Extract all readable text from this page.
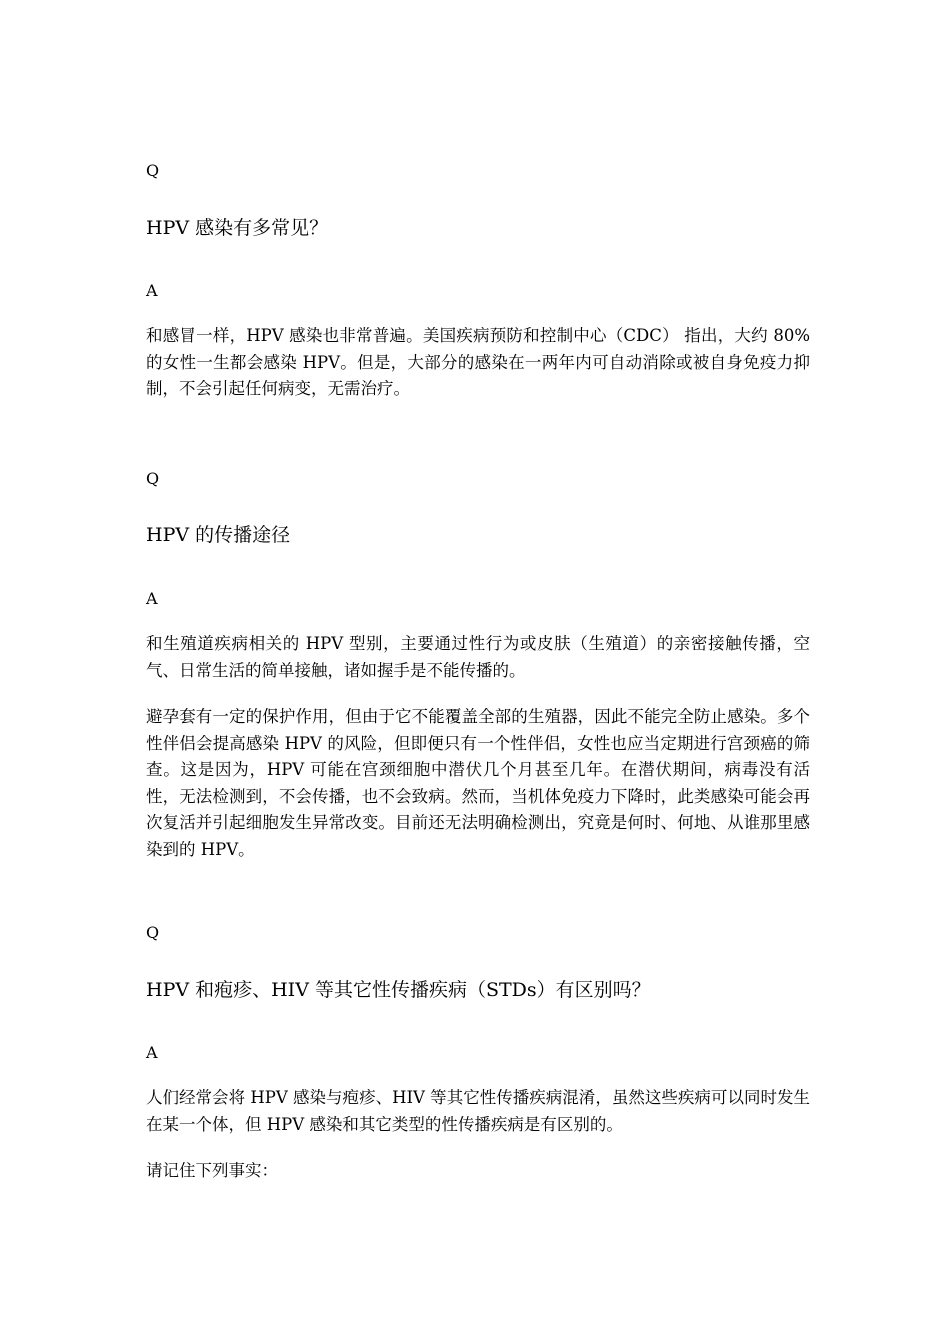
Q
HPV 感染有多常见？
A
和感冒一样，HPV 感染也非常普遍。美国疾病预防和控制中心（CDC） 指出，大约 80%的女性一生都会感染 HPV。但是，大部分的感染在一两年内可自动消除或被自身免疫力抑制，不会引起任何病变，无需治疗。
Q
HPV 的传播途径
A
和生殖道疾病相关的 HPV 型别，主要通过性行为或皮肤（生殖道）的亲密接触传播，空气、日常生活的简单接触，诸如握手是不能传播的。
避孕套有一定的保护作用，但由于它不能覆盖全部的生殖器，因此不能完全防止感染。多个性伴侣会提高感染 HPV 的风险，但即便只有一个性伴侣，女性也应当定期进行宫颈癌的筛查。这是因为，HPV 可能在宫颈细胞中潜伏几个月甚至几年。在潜伏期间，病毒没有活性，无法检测到，不会传播，也不会致病。然而，当机体免疫力下降时，此类感染可能会再次复活并引起细胞发生异常改变。目前还无法明确检测出，究竟是何时、何地、从谁那里感染到的 HPV。
Q
HPV 和疱疹、HIV 等其它性传播疾病（STDs）有区别吗？
A
人们经常会将 HPV 感染与疱疹、HIV 等其它性传播疾病混淆，虽然这些疾病可以同时发生在某一个体，但 HPV 感染和其它类型的性传播疾病是有区别的。
请记住下列事实：
